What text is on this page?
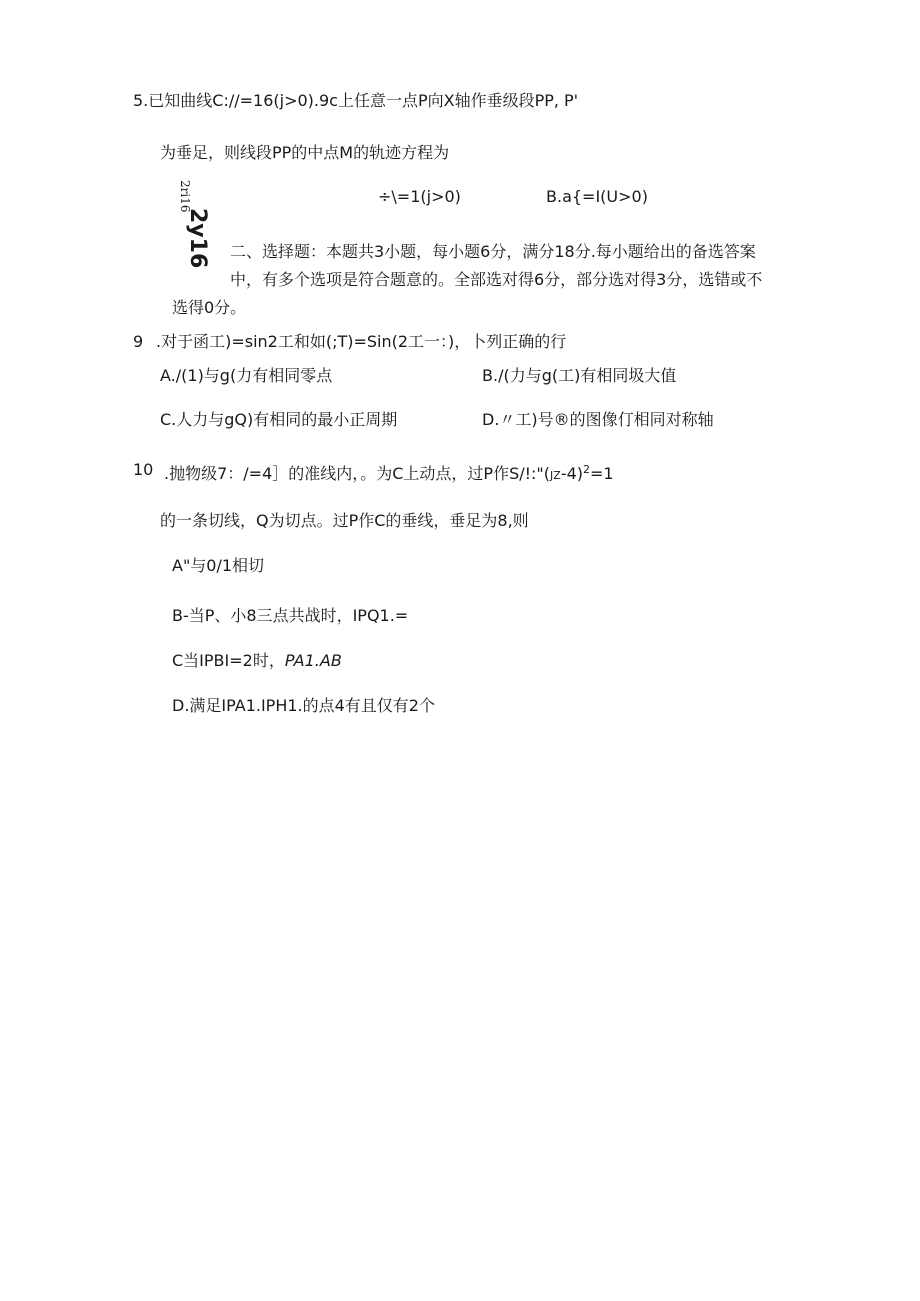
5.已知曲线C://=16(j>0).9c上任意一点P向X轴作垂级段PP, P'
为垂足，则线段PP的中点M的轨迹方程为
2ri16
2y16
÷\=1(j>0)	B.a{=I(U>0)
二、选择题：本题共3小题，每小题6分，满分18分.每小题给出的备选答案
中，有多个选项是符合题意的。全部选对得6分，部分选对得3分，选错或不
选得0分。
9 .对于函工)=sin2工和如(;T)=Sin(2工一：)，卜列正确的行
A./(1)与g(力有相同零点	B./(力与g(工)有相同圾大值
C.人力与gQ)有相同的最小正周期	D.〃工)号®的图像仃相同对称轴
10 .抛物级7：/=4］的准线内，。为C上动点，过P作$S/!:"(JZ-4)^2=1$
的一条切线，Q为切点。过P作C的垂线，垂足为8,则
A"与0/1相切
B-当P、小8三点共战时，IPQ1.=
C当IPBI=2时，PA1.AB
D.满足IPA1.IPH1.的点4有且仅有2个
